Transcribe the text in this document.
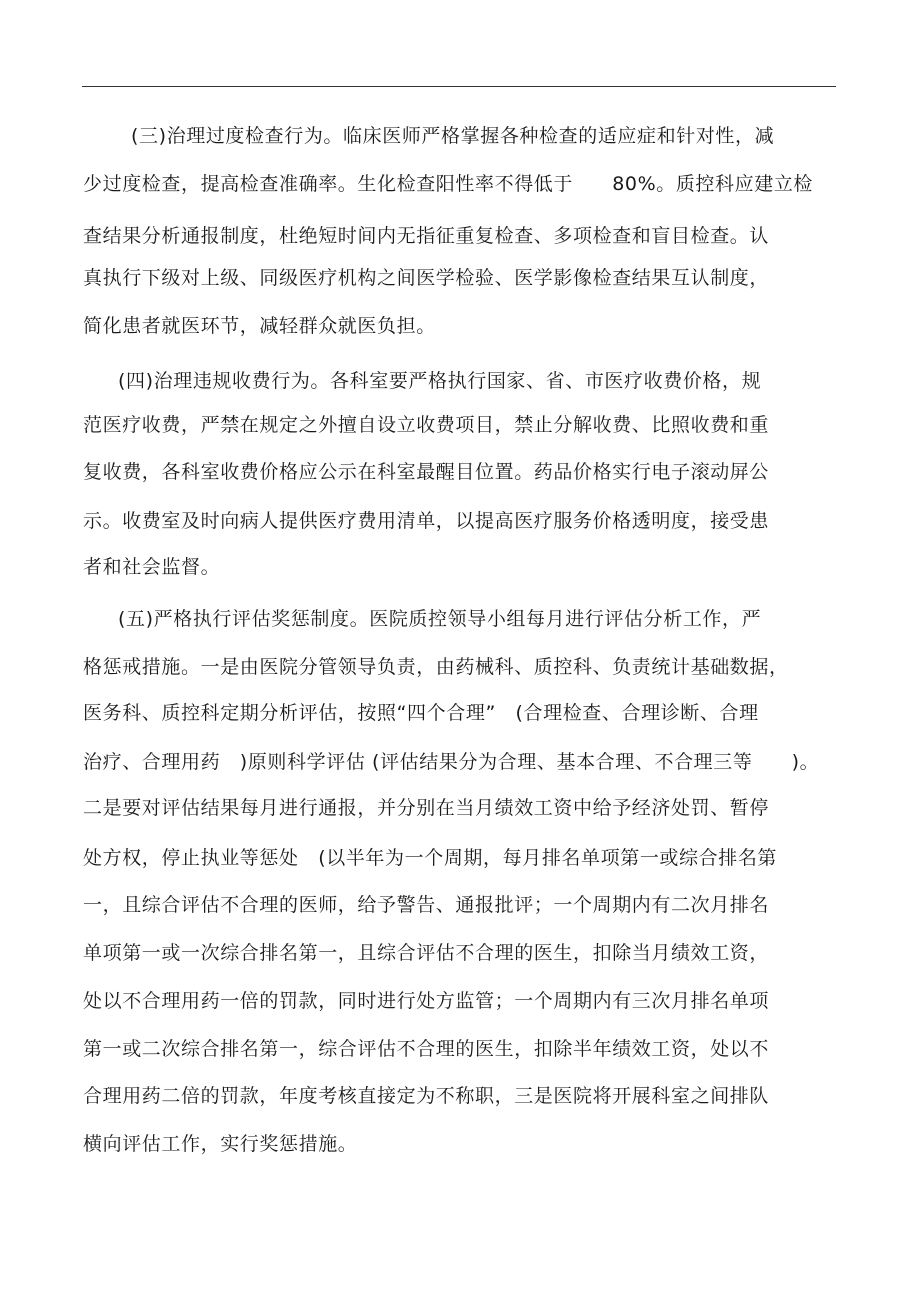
(三)治理过度检查行为。临床医师严格掌握各种检查的适应症和针对性，减

少过度检查，提高检查准确率。生化检查阳性率不得低于　　80%。质控科应建立检

查结果分析通报制度，杜绝短时间内无指征重复检查、多项检查和盲目检查。认

真执行下级对上级、同级医疗机构之间医学检验、医学影像检查结果互认制度，

简化患者就医环节，减轻群众就医负担。

(四)治理违规收费行为。各科室要严格执行国家、省、市医疗收费价格，规

范医疗收费，严禁在规定之外擅自设立收费项目，禁止分解收费、比照收费和重

复收费，各科室收费价格应公示在科室最醒目位置。药品价格实行电子滚动屏公

示。收费室及时向病人提供医疗费用清单，以提高医疗服务价格透明度，接受患

者和社会监督。

(五)严格执行评估奖惩制度。医院质控领导小组每月进行评估分析工作，严

格惩戒措施。一是由医院分管领导负责，由药械科、质控科、负责统计基础数据，

医务科、质控科定期分析评估，按照“四个合理”　(合理检查、合理诊断、合理

治疗、合理用药　)原则科学评估 (评估结果分为合理、基本合理、不合理三等　　)。

二是要对评估结果每月进行通报，并分别在当月绩效工资中给予经济处罚、暂停

处方权，停止执业等惩处　(以半年为一个周期，每月排名单项第一或综合排名第

一，且综合评估不合理的医师，给予警告、通报批评；一个周期内有二次月排名

单项第一或一次综合排名第一，且综合评估不合理的医生，扣除当月绩效工资，

处以不合理用药一倍的罚款，同时进行处方监管；一个周期内有三次月排名单项

第一或二次综合排名第一，综合评估不合理的医生，扣除半年绩效工资，处以不

合理用药二倍的罚款，年度考核直接定为不称职，三是医院将开展科室之间排队

横向评估工作，实行奖惩措施。
